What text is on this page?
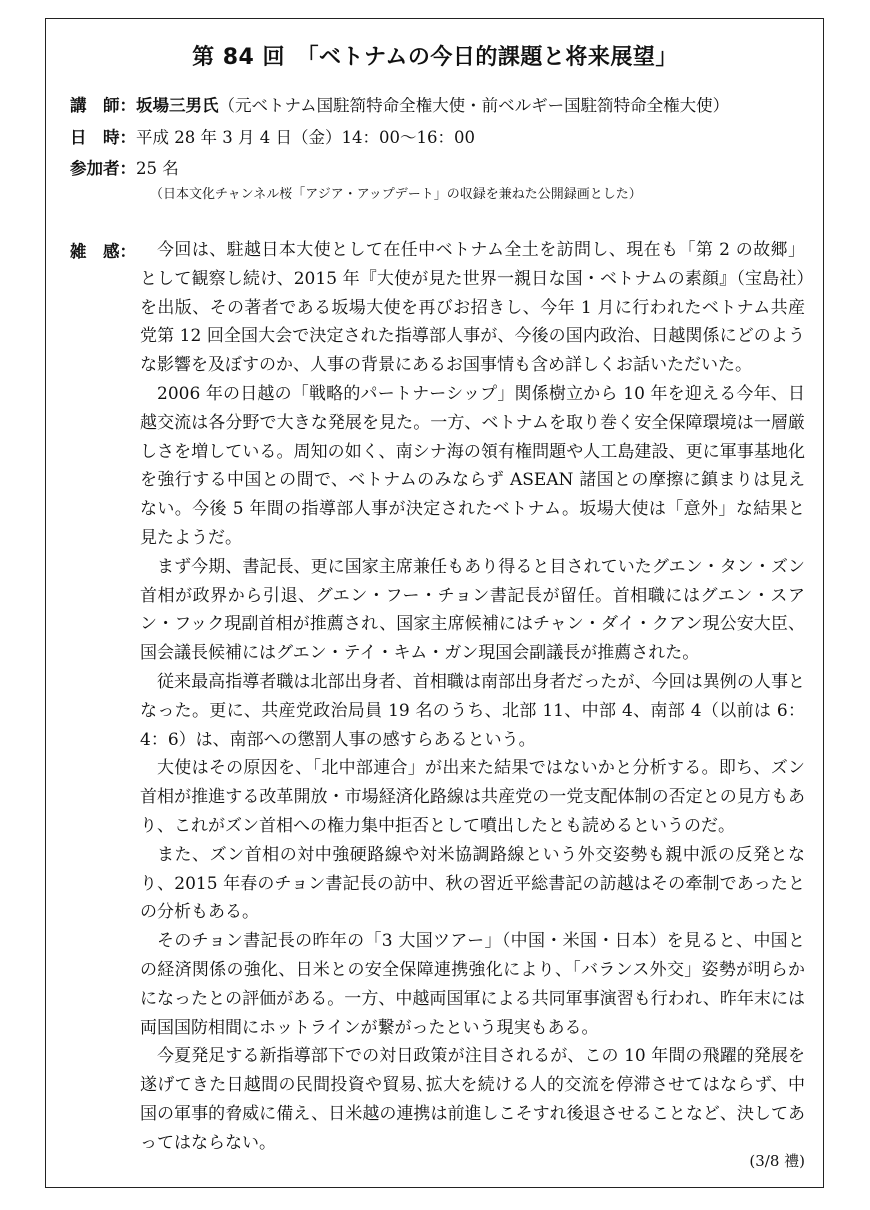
第 84 回　「ベトナムの今日的課題と将来展望」
講　師：坂場三男氏（元ベトナム国駐箚特命全権大使・前ベルギー国駐箚特命全権大使）
日　時：平成 28 年 3 月 4 日（金）14：00〜16：00
参加者：25 名
（日本文化チャンネル桜「アジア・アップデート」の収録を兼ねた公開録画とした）
雑　感：	今回は、駐越日本大使として在任中ベトナム全土を訪問し、現在も「第 2 の故郷」として観察し続け、2015 年『大使が見た世界一親日な国・ベトナムの素顔』（宝島社）を出版、その著者である坂場大使を再びお招きし、今年 1 月に行われたベトナム共産党第 12 回全国大会で決定された指導部人事が、今後の国内政治、日越関係にどのような影響を及ぼすのか、人事の背景にあるお国事情も含め詳しくお話いただいた。

2006 年の日越の「戦略的パートナーシップ」関係樹立から 10 年を迎える今年、日越交流は各分野で大きな発展を見た。一方、ベトナムを取り巻く安全保障環境は一層厳しさを増している。周知の如く、南シナ海の領有権問題や人工島建設、更に軍事基地化を強行する中国との間で、ベトナムのみならず ASEAN 諸国との摩擦に鎮まりは見えない。今後 5 年間の指導部人事が決定されたベトナム。坂場大使は「意外」な結果と見たようだ。

まず今期、書記長、更に国家主席兼任もあり得ると目されていたグエン・タン・ズン首相が政界から引退、グエン・フー・チョン書記長が留任。首相職にはグエン・スアン・フック現副首相が推薦され、国家主席候補にはチャン・ダイ・クアン現公安大臣、国会議長候補にはグエン・テイ・キム・ガン現国会副議長が推薦された。

従来最高指導者職は北部出身者、首相職は南部出身者だったが、今回は異例の人事となった。更に、共産党政治局員 19 名のうち、北部 11、中部 4、南部 4（以前は 6：4：6）は、南部への懲罰人事の感すらあるという。

大使はその原因を、「北中部連合」が出来た結果ではないかと分析する。即ち、ズン首相が推進する改革開放・市場経済化路線は共産党の一党支配体制の否定との見方もあり、これがズン首相への権力集中拒否として噴出したとも読めるというのだ。

また、ズン首相の対中強硬路線や対米協調路線という外交姿勢も親中派の反発となり、2015 年春のチョン書記長の訪中、秋の習近平総書記の訪越はその牽制であったとの分析もある。

そのチョン書記長の昨年の「3 大国ツアー」（中国・米国・日本）を見ると、中国との経済関係の強化、日米との安全保障連携強化により、「バランス外交」姿勢が明らかになったとの評価がある。一方、中越両国軍による共同軍事演習も行われ、昨年末には両国国防相間にホットラインが繋がったという現実もある。

今夏発足する新指導部下での対日政策が注目されるが、この 10 年間の飛躍的発展を遂げてきた日越間の民間投資や貿易､拡大を続ける人的交流を停滞させてはならず、中国の軍事的脅威に備え、日米越の連携は前進しこそすれ後退させることなど、決してあってはならない。

(3/8 禮)
